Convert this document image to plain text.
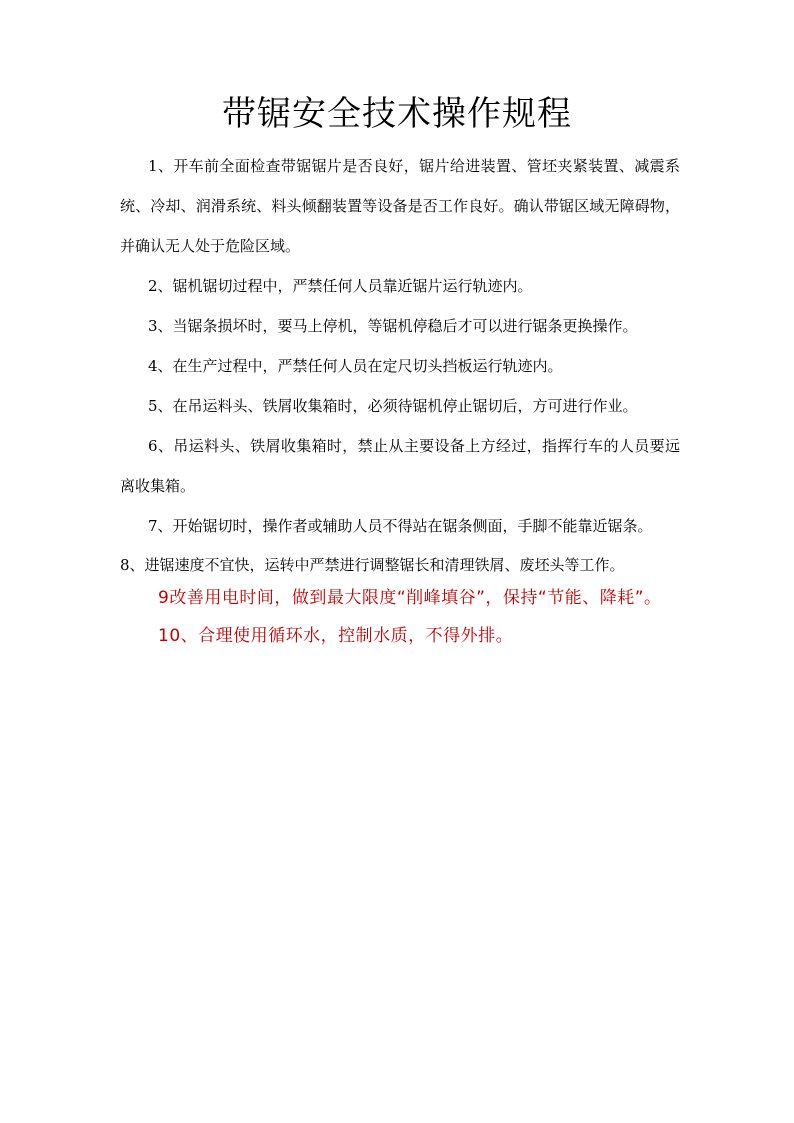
带锯安全技术操作规程

1、开车前全面检查带锯锯片是否良好，锯片给进装置、管坯夹紧装置、减震系统、冷却、润滑系统、料头倾翻装置等设备是否工作良好。确认带锯区域无障碍物，并确认无人处于危险区域。

2、锯机锯切过程中，严禁任何人员靠近锯片运行轨迹内。

3、当锯条损坏时，要马上停机，等锯机停稳后才可以进行锯条更换操作。

4、在生产过程中，严禁任何人员在定尺切头挡板运行轨迹内。

5、在吊运料头、铁屑收集箱时，必须待锯机停止锯切后，方可进行作业。

6、吊运料头、铁屑收集箱时，禁止从主要设备上方经过，指挥行车的人员要远离收集箱。

7、开始锯切时，操作者或辅助人员不得站在锯条侧面，手脚不能靠近锯条。

8、进锯速度不宜快，运转中严禁进行调整锯长和清理铁屑、废坯头等工作。

9改善用电时间，做到最大限度“削峰填谷”，保持“节能、降耗”。

10、合理使用循环水，控制水质，不得外排。
